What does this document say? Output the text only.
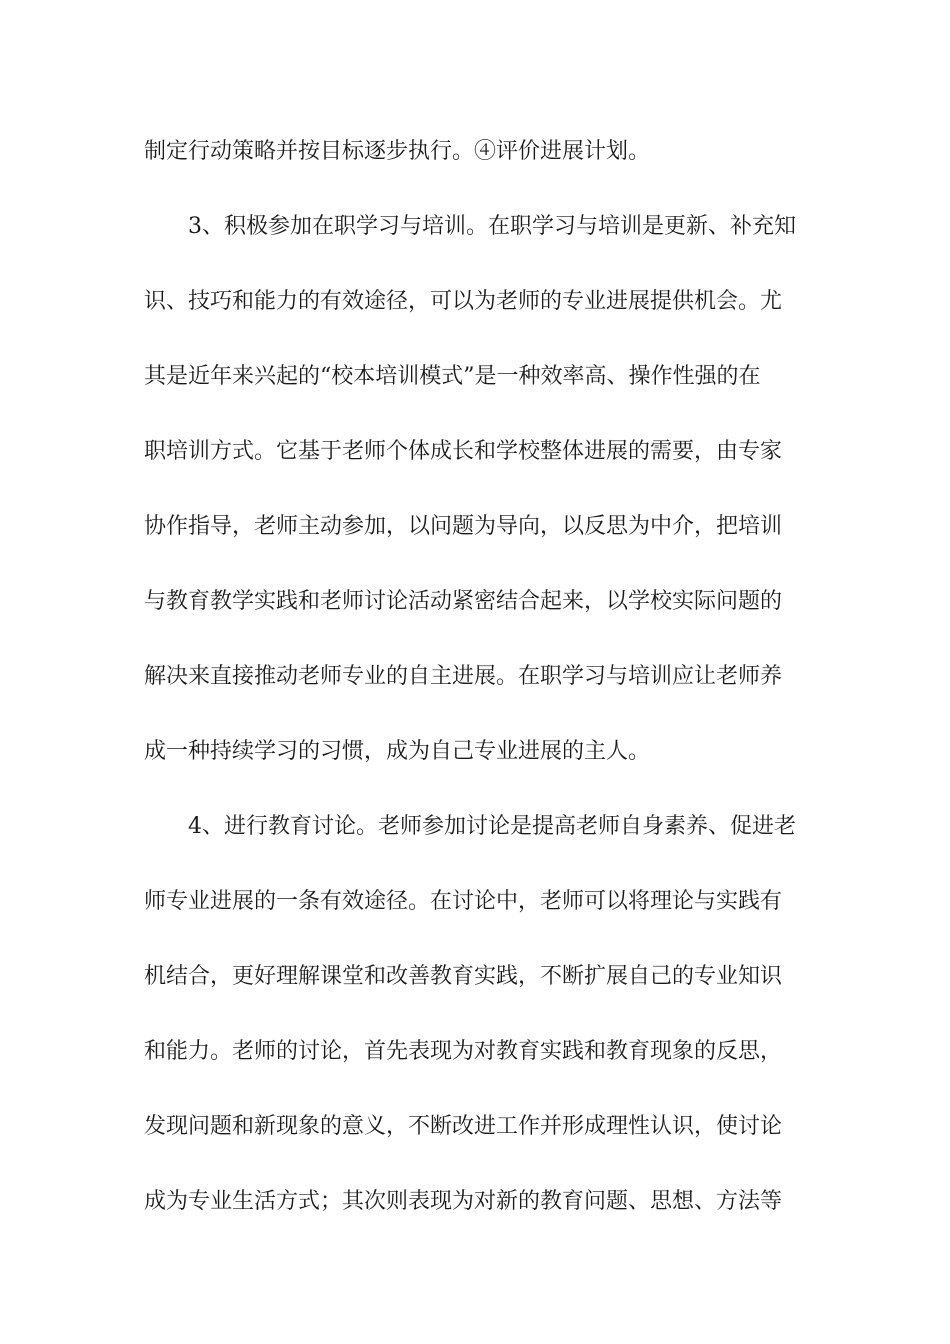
制定行动策略并按目标逐步执行。④评价进展计划。
3、积极参加在职学习与培训。在职学习与培训是更新、补充知
识、技巧和能力的有效途径，可以为老师的专业进展提供机会。尤
其是近年来兴起的“校本培训模式”是一种效率高、操作性强的在
职培训方式。它基于老师个体成长和学校整体进展的需要，由专家
协作指导，老师主动参加，以问题为导向，以反思为中介，把培训
与教育教学实践和老师讨论活动紧密结合起来，以学校实际问题的
解决来直接推动老师专业的自主进展。在职学习与培训应让老师养
成一种持续学习的习惯，成为自己专业进展的主人。
4、进行教育讨论。老师参加讨论是提高老师自身素养、促进老
师专业进展的一条有效途径。在讨论中，老师可以将理论与实践有
机结合，更好理解课堂和改善教育实践，不断扩展自己的专业知识
和能力。老师的讨论，首先表现为对教育实践和教育现象的反思，
发现问题和新现象的意义，不断改进工作并形成理性认识，使讨论
成为专业生活方式；其次则表现为对新的教育问题、思想、方法等
